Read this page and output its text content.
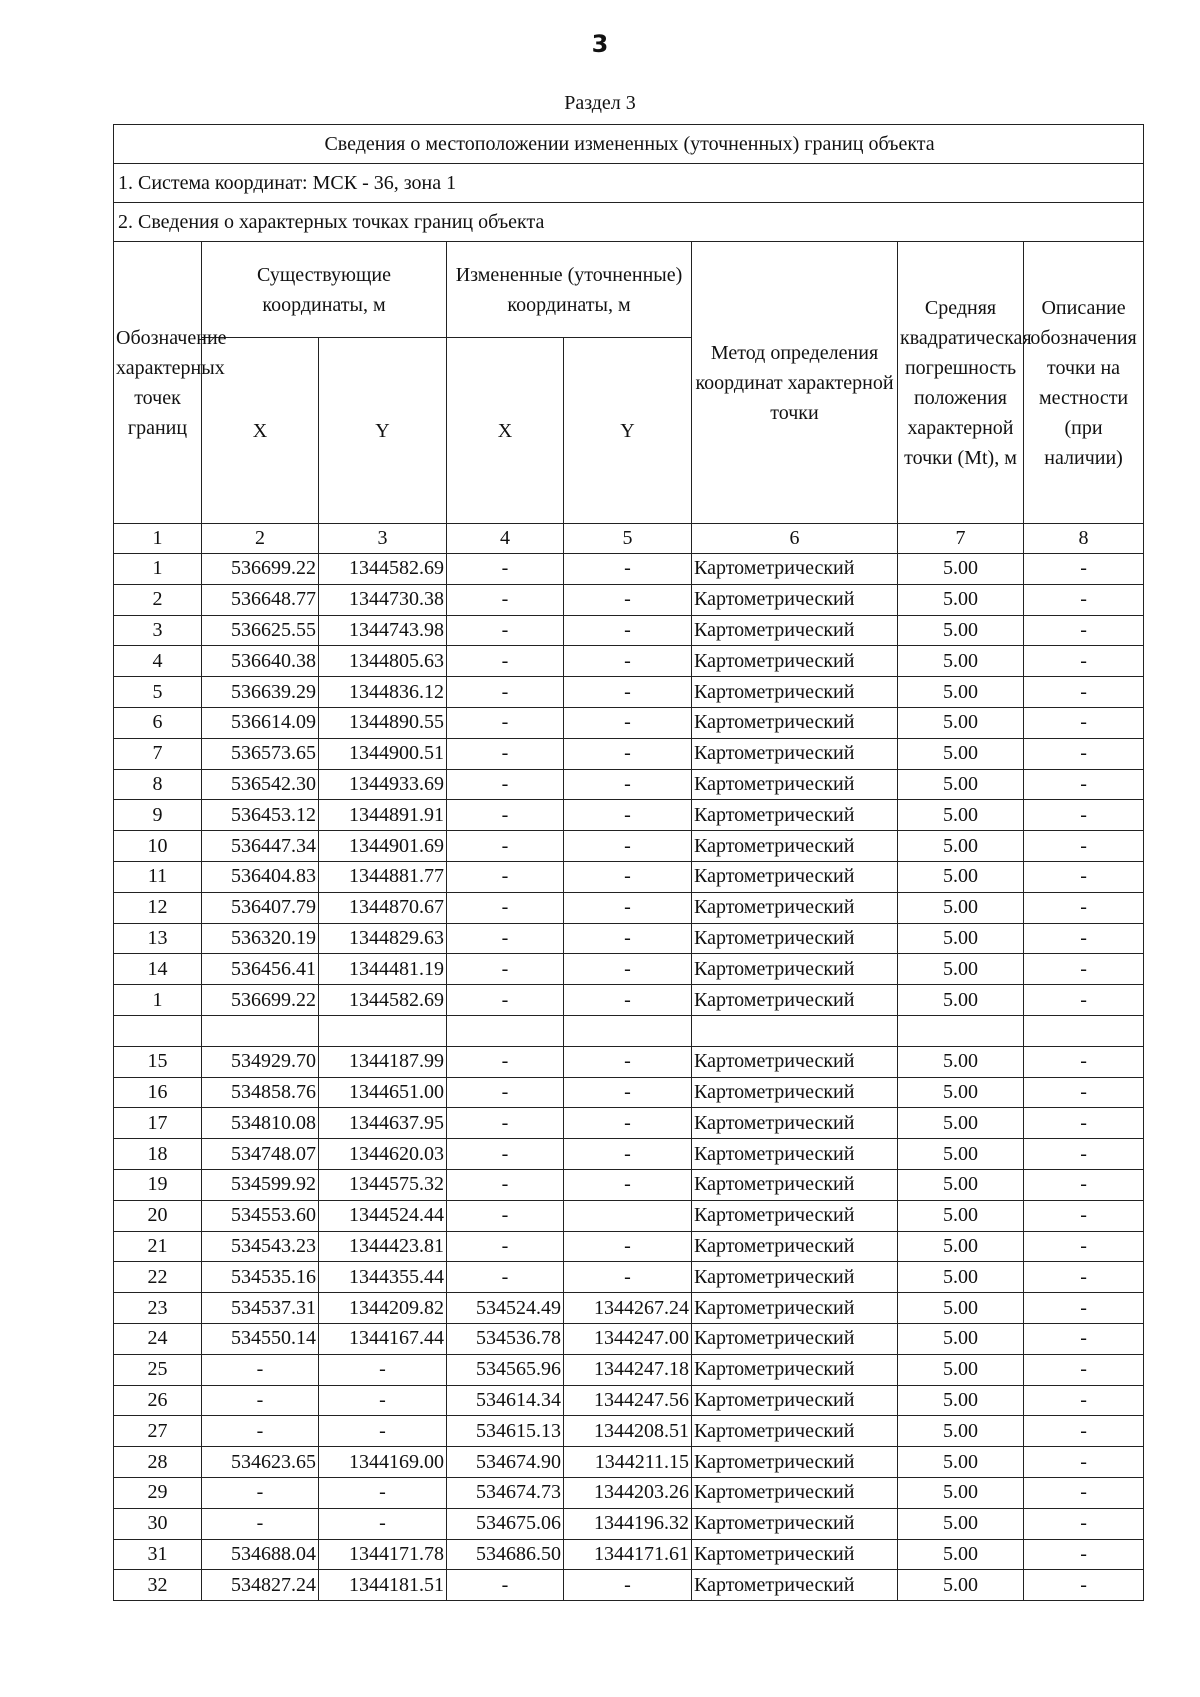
3
Раздел 3
Сведения о местоположении измененных (уточненных) границ объекта							
1. Система координат: МСК - 36, зона 1							
2. Сведения о характерных точках границ объекта							
Обозначение характерных точек границ	Существующие координаты, м		Измененные (уточненные) координаты, м		Метод определения координат характерной точки	Средняя квадратическая погрешность положения характерной точки (Mt), м	Описание обозначения точки на местности (при наличии)
	X	Y	X	Y			
1	2	3	4	5	6	7	8
1	536699.22	1344582.69	-	-	Картометрический	5.00	-
2	536648.77	1344730.38	-	-	Картометрический	5.00	-
3	536625.55	1344743.98	-	-	Картометрический	5.00	-
4	536640.38	1344805.63	-	-	Картометрический	5.00	-
5	536639.29	1344836.12	-	-	Картометрический	5.00	-
6	536614.09	1344890.55	-	-	Картометрический	5.00	-
7	536573.65	1344900.51	-	-	Картометрический	5.00	-
8	536542.30	1344933.69	-	-	Картометрический	5.00	-
9	536453.12	1344891.91	-	-	Картометрический	5.00	-
10	536447.34	1344901.69	-	-	Картометрический	5.00	-
11	536404.83	1344881.77	-	-	Картометрический	5.00	-
12	536407.79	1344870.67	-	-	Картометрический	5.00	-
13	536320.19	1344829.63	-	-	Картометрический	5.00	-
14	536456.41	1344481.19	-	-	Картометрический	5.00	-
1	536699.22	1344582.69	-	-	Картометрический	5.00	-

15	534929.70	1344187.99	-	-	Картометрический	5.00	-
16	534858.76	1344651.00	-	-	Картометрический	5.00	-
17	534810.08	1344637.95	-	-	Картометрический	5.00	-
18	534748.07	1344620.03	-	-	Картометрический	5.00	-
19	534599.92	1344575.32	-	-	Картометрический	5.00	-
20	534553.60	1344524.44	-		Картометрический	5.00	-
21	534543.23	1344423.81	-	-	Картометрический	5.00	-
22	534535.16	1344355.44	-	-	Картометрический	5.00	-
23	534537.31	1344209.82	534524.49	1344267.24	Картометрический	5.00	-
24	534550.14	1344167.44	534536.78	1344247.00	Картометрический	5.00	-
25	-	-	534565.96	1344247.18	Картометрический	5.00	-
26	-	-	534614.34	1344247.56	Картометрический	5.00	-
27	-	-	534615.13	1344208.51	Картометрический	5.00	-
28	534623.65	1344169.00	534674.90	1344211.15	Картометрический	5.00	-
29	-	-	534674.73	1344203.26	Картометрический	5.00	-
30	-	-	534675.06	1344196.32	Картометрический	5.00	-
31	534688.04	1344171.78	534686.50	1344171.61	Картометрический	5.00	-
32	534827.24	1344181.51	-	-	Картометрический	5.00	-
